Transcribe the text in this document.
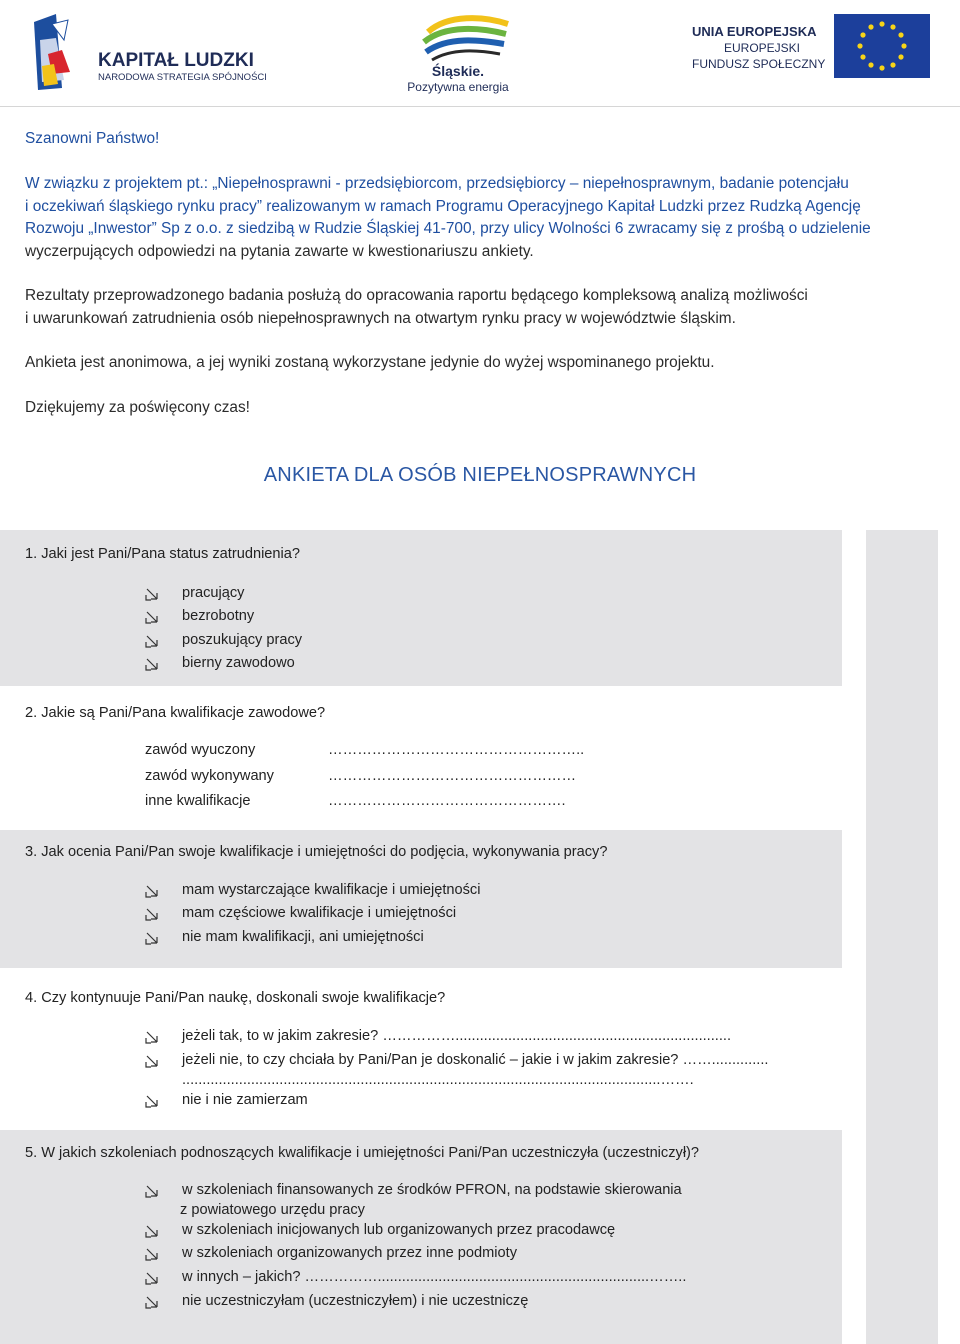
KAPITAŁ LUDZKI
NARODOWA STRATEGIA SPÓJNOŚCI	Śląskie.
Pozytywna energia
UNIA EUROPEJSKA
EUROPEJSKI
FUNDUSZ SPOŁECZNY
Szanowni Państwo!

W związku z projektem pt.: „Niepełnosprawni - przedsiębiorcom, przedsiębiorcy – niepełnosprawnym, badanie potencjału

i oczekiwań śląskiego rynku pracy” realizowanym w ramach Programu Operacyjnego Kapitał Ludzki przez Rudzką Agencję

Rozwoju „Inwestor” Sp z o.o. z siedzibą w Rudzie Śląskiej 41-700, przy ulicy Wolności 6 zwracamy się z prośbą o udzielenie

wyczerpujących odpowiedzi na pytania zawarte w kwestionariuszu ankiety.

Rezultaty przeprowadzonego badania posłużą do opracowania raportu będącego kompleksową analizą możliwości

i uwarunkowań zatrudnienia osób niepełnosprawnych na otwartym rynku pracy w województwie śląskim.

Ankieta jest anonimowa, a jej wyniki zostaną wykorzystane jedynie do wyżej wspominanego projektu.
Dziękujemy za poświęcony czas!
ANKIETA DLA OSÓB NIEPEŁNOSPRAWNYCH
1. Jaki jest Pani/Pana status zatrudnienia?
pracujący
bezrobotny
poszukujący pracy
bierny zawodowo
2. Jakie są Pani/Pana kwalifikacje zawodowe?
zawód wyuczony	……………………………………………..
zawód wykonywany	……………………………………………
inne kwalifikacje	………………………………………….
3. Jak ocenia Pani/Pan swoje kwalifikacje i umiejętności do podjęcia, wykonywania pracy?
mam wystarczające kwalifikacje i umiejętności
mam częściowe kwalifikacje i umiejętności
nie mam kwalifikacji, ani umiejętności
4. Czy kontynuuje Pani/Pan naukę, doskonali swoje kwalifikacje?
jeżeli tak, to w jakim zakresie? ……………....................................................................
jeżeli nie, to czy chciała by Pani/Pan je doskonalić – jakie i w jakim zakresie? ……..............
......................................................................................................................…….
nie i nie zamierzam
5. W jakich szkoleniach podnoszących kwalifikacje i umiejętności Pani/Pan uczestniczyła (uczestniczył)?
w szkoleniach finansowanych ze środków PFRON, na podstawie skierowania
z powiatowego urzędu pracy
w szkoleniach inicjowanych lub organizowanych przez pracodawcę
w szkoleniach organizowanych przez inne podmioty
w innych – jakich? ……………...................................................................……..
nie uczestniczyłam (uczestniczyłem) i nie uczestniczę
